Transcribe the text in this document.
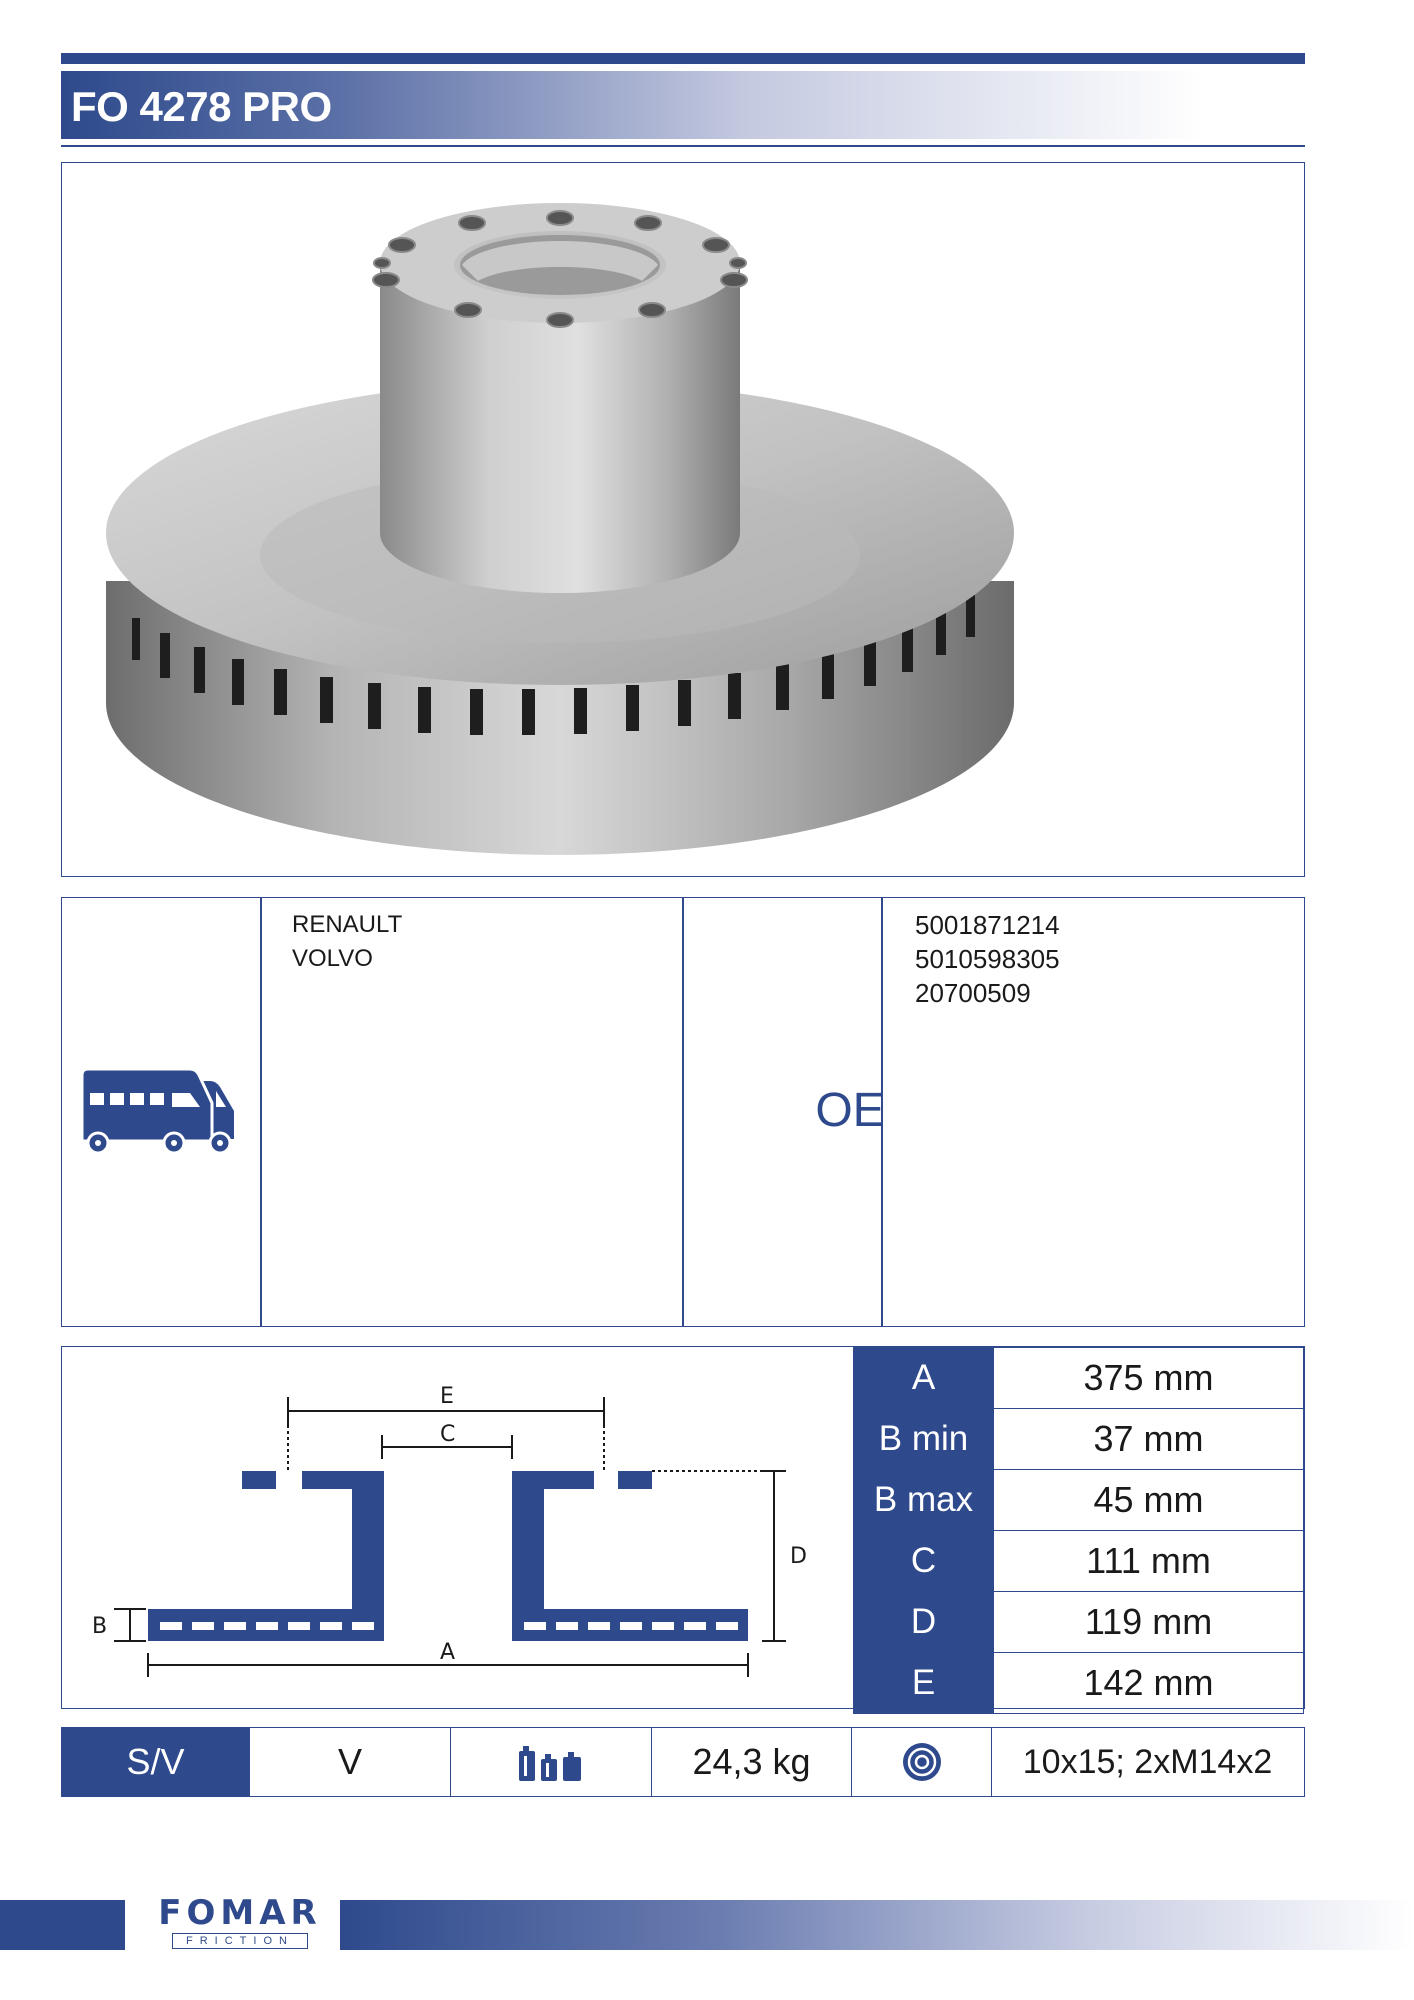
FO 4278 PRO
RENAULT
VOLVO
OE
5001871214
5010598305
20700509
E
C
D
A
B
A	375 mm
B min	37 mm
B max	45 mm
C	111 mm
D	119 mm
E	142 mm
S/V	V	24,3 kg	10x15; 2xM14x2
FOMAR
FRICTION
